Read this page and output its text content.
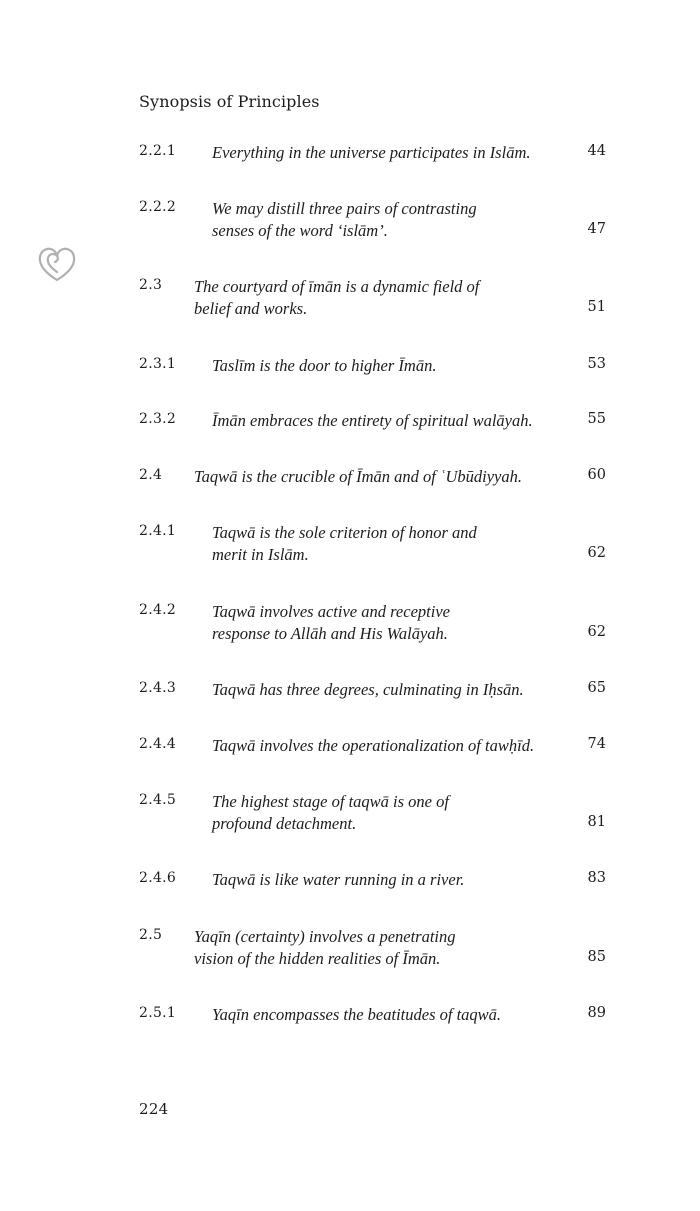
Synopsis of Principles
2.2.1 Everything in the universe participates in Islām.	44
2.2.2 We may distill three pairs of contrasting
senses of the word ‘islām’.	47
2.3 The courtyard of īmān is a dynamic field of
belief and works.	51
2.3.1 Taslīm is the door to higher Īmān.	53
2.3.2 Īmān embraces the entirety of spiritual walāyah.	55
2.4 Taqwā is the crucible of Īmān and of ʿUbūdiyyah.	60
2.4.1 Taqwā is the sole criterion of honor and
merit in Islām.	62
2.4.2 Taqwā involves active and receptive
response to Allāh and His Walāyah.	62
2.4.3 Taqwā has three degrees, culminating in Iḥsān.	65
2.4.4 Taqwā involves the operationalization of tawḥīd.	74
2.4.5 The highest stage of taqwā is one of
profound detachment.	81
2.4.6 Taqwā is like water running in a river.	83
2.5 Yaqīn (certainty) involves a penetrating
vision of the hidden realities of Īmān.	85
2.5.1 Yaqīn encompasses the beatitudes of taqwā.	89
224
